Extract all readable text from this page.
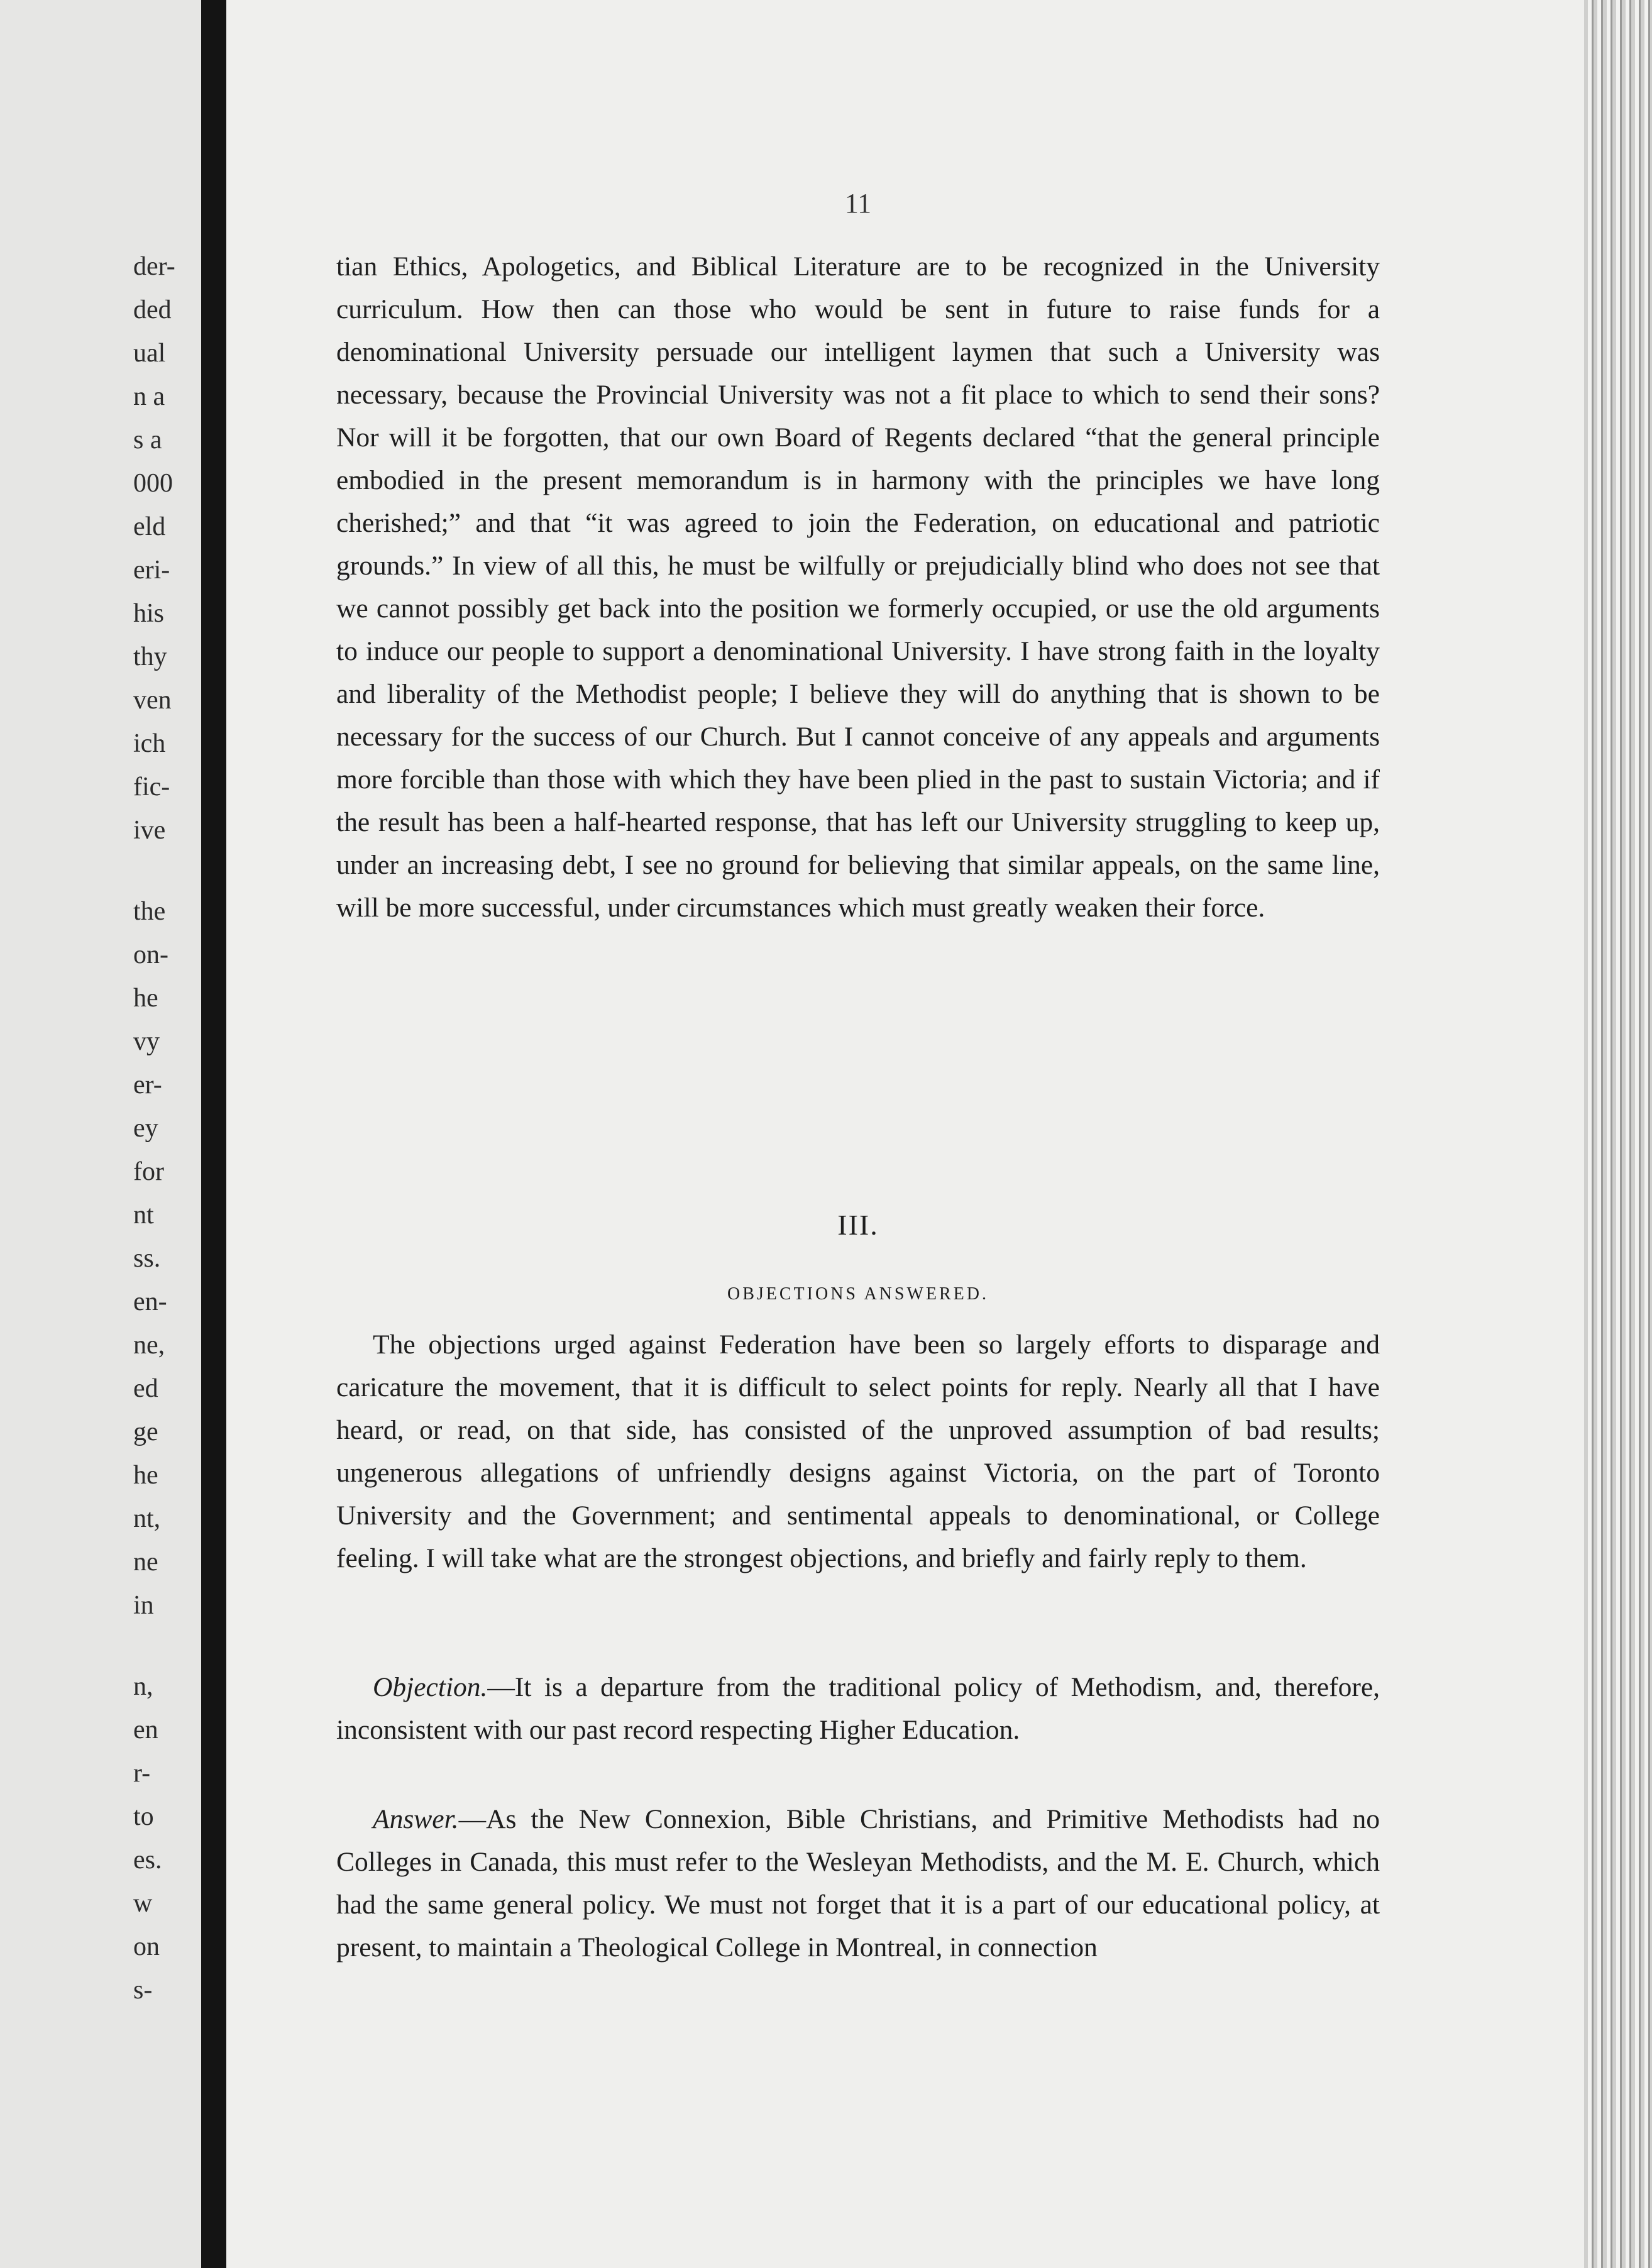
der-
ded
ual
n a
s a
000
eld
eri-
his
thy
ven
ich
fic-
ive
the
on-
he
vy
er-
ey
for
nt
ss.
en-
ne,
ed
ge
he
nt,
ne
in
n,
en
r-
to
es.
w
on
s-
11

tian Ethics, Apologetics, and Biblical Literature are to be recognized in the University curriculum. How then can those who would be sent in future to raise funds for a denominational University persuade our intelligent laymen that such a University was necessary, because the Provincial University was not a fit place to which to send their sons? Nor will it be forgotten, that our own Board of Regents declared “that the general principle embodied in the present memorandum is in harmony with the principles we have long cherished;” and that “it was agreed to join the Federation, on educational and patriotic grounds.” In view of all this, he must be wilfully or prejudicially blind who does not see that we cannot possibly get back into the position we formerly occupied, or use the old arguments to induce our people to support a denominational University. I have strong faith in the loyalty and liberality of the Methodist people; I believe they will do anything that is shown to be necessary for the success of our Church. But I cannot conceive of any appeals and arguments more forcible than those with which they have been plied in the past to sustain Victoria; and if the result has been a half-hearted response, that has left our University struggling to keep up, under an increasing debt, I see no ground for believing that similar appeals, on the same line, will be more successful, under circumstances which must greatly weaken their force.

III.
OBJECTIONS ANSWERED.

The objections urged against Federation have been so largely efforts to disparage and caricature the movement, that it is difficult to select points for reply. Nearly all that I have heard, or read, on that side, has consisted of the unproved assumption of bad results; ungenerous allegations of unfriendly designs against Victoria, on the part of Toronto University and the Government; and sentimental appeals to denominational, or College feeling. I will take what are the strongest objections, and briefly and fairly reply to them.

Objection.—It is a departure from the traditional policy of Methodism, and, therefore, inconsistent with our past record respecting Higher Education.

Answer.—As the New Connexion, Bible Christians, and Primitive Methodists had no Colleges in Canada, this must refer to the Wesleyan Methodists, and the M. E. Church, which had the same general policy. We must not forget that it is a part of our educational policy, at present, to maintain a Theological College in Montreal, in connection
